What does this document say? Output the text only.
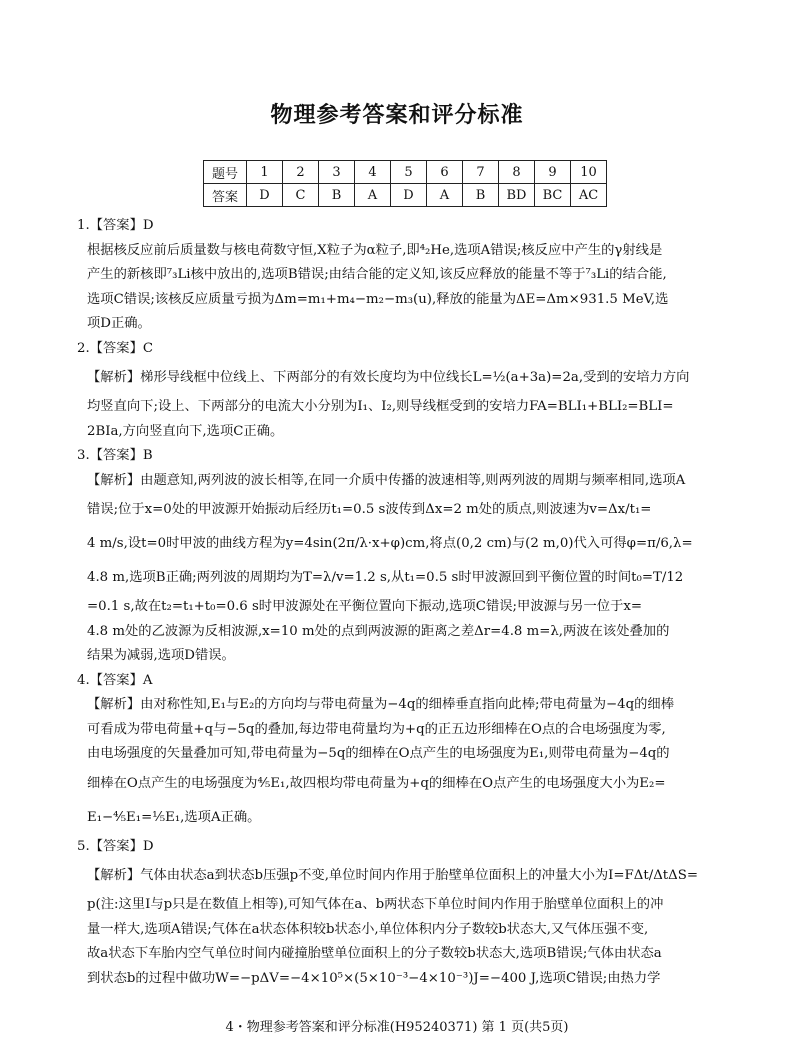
物理参考答案和评分标准
题号	1	2	3	4	5	6	7	8	9	10
答案	D	C	B	A	D	A	B	BD	BC	AC

1.【答案】D

根据核反应前后质量数与核电荷数守恒,X粒子为α粒子,即⁴₂He,选项A错误;核反应中产生的γ射线是

产生的新核即⁷₃Li核中放出的,选项B错误;由结合能的定义知,该反应释放的能量不等于⁷₃Li的结合能,

选项C错误;该核反应质量亏损为Δm=m₁+m₄−m₂−m₃(u),释放的能量为ΔE=Δm×931.5 MeV,选

项D正确。

2.【答案】C

【解析】梯形导线框中位线上、下两部分的有效长度均为中位线长L=½(a+3a)=2a,受到的安培力方向

均竖直向下;设上、下两部分的电流大小分别为I₁、I₂,则导线框受到的安培力FA=BLI₁+BLI₂=BLI=

2BIa,方向竖直向下,选项C正确。

3.【答案】B

【解析】由题意知,两列波的波长相等,在同一介质中传播的波速相等,则两列波的周期与频率相同,选项A

错误;位于x=0处的甲波源开始振动后经历t₁=0.5 s波传到Δx=2 m处的质点,则波速为v=Δx/t₁=

4 m/s,设t=0时甲波的曲线方程为y=4sin(2π/λ·x+φ)cm,将点(0,2 cm)与(2 m,0)代入可得φ=π/6,λ=

4.8 m,选项B正确;两列波的周期均为T=λ/v=1.2 s,从t₁=0.5 s时甲波源回到平衡位置的时间t₀=T/12

=0.1 s,故在t₂=t₁+t₀=0.6 s时甲波源处在平衡位置向下振动,选项C错误;甲波源与另一位于x=

4.8 m处的乙波源为反相波源,x=10 m处的点到两波源的距离之差Δr=4.8 m=λ,两波在该处叠加的

结果为减弱,选项D错误。

4.【答案】A

【解析】由对称性知,E₁与E₂的方向均与带电荷量为−4q的细棒垂直指向此棒;带电荷量为−4q的细棒

可看成为带电荷量+q与−5q的叠加,每边带电荷量均为+q的正五边形细棒在O点的合电场强度为零,

由电场强度的矢量叠加可知,带电荷量为−5q的细棒在O点产生的电场强度为E₁,则带电荷量为−4q的

细棒在O点产生的电场强度为⁴⁄₅E₁,故四根均带电荷量为+q的细棒在O点产生的电场强度大小为E₂=

E₁−⁴⁄₅E₁=⅕E₁,选项A正确。

5.【答案】D

【解析】气体由状态a到状态b压强p不变,单位时间内作用于胎壁单位面积上的冲量大小为I=FΔt/ΔtΔS=

p(注:这里I与p只是在数值上相等),可知气体在a、b两状态下单位时间内作用于胎壁单位面积上的冲

量一样大,选项A错误;气体在a状态体积较b状态小,单位体积内分子数较b状态大,又气体压强不变,

故a状态下车胎内空气单位时间内碰撞胎壁单位面积上的分子数较b状态大,选项B错误;气体由状态a

到状态b的过程中做功W=−pΔV=−4×10⁵×(5×10⁻³−4×10⁻³)J=−400 J,选项C错误;由热力学

4・物理参考答案和评分标准(H95240371) 第 1 页(共5页)
